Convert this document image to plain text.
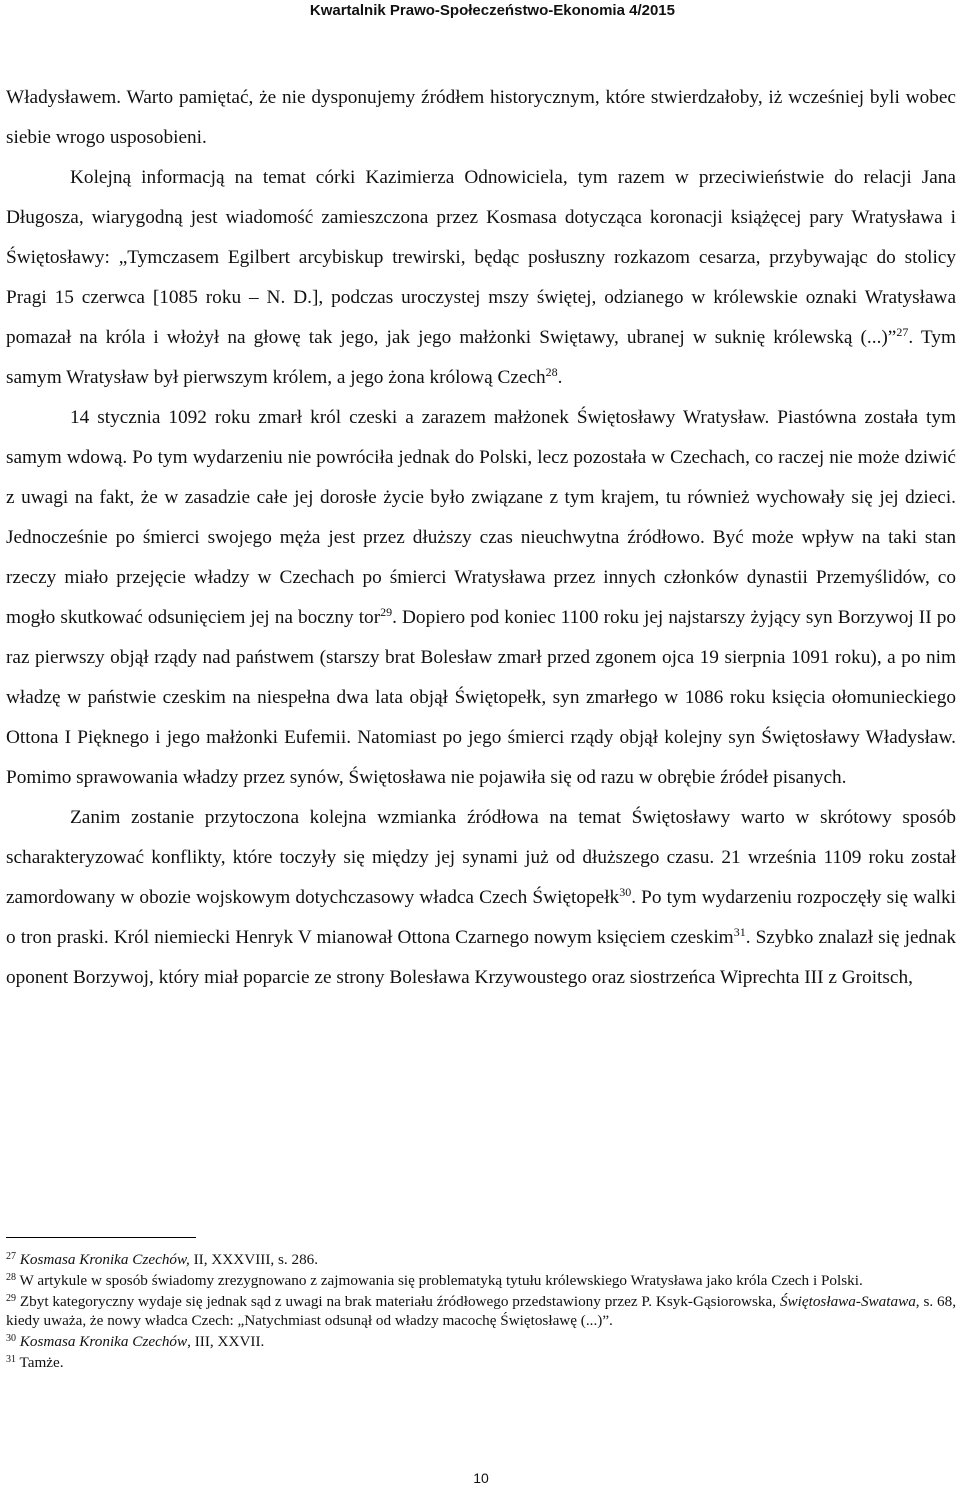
Kwartalnik Prawo-Społeczeństwo-Ekonomia 4/2015

Władysławem. Warto pamiętać, że nie dysponujemy źródłem historycznym, które stwierdzałoby, iż wcześniej byli wobec siebie wrogo usposobieni.

Kolejną informacją na temat córki Kazimierza Odnowiciela, tym razem w przeciwieństwie do relacji Jana Długosza, wiarygodną jest wiadomość zamieszczona przez Kosmasa dotycząca koronacji książęcej pary Wratysława i Świętosławy: „Tymczasem Egilbert arcybiskup trewirski, będąc posłuszny rozkazom cesarza, przybywając do stolicy Pragi 15 czerwca [1085 roku – N. D.], podczas uroczystej mszy świętej, odzianego w królewskie oznaki Wratysława pomazał na króla i włożył na głowę tak jego, jak jego małżonki Swiętawy, ubranej w suknię królewską (...)”$^{27}$. Tym samym Wratysław był pierwszym królem, a jego żona królową Czech$^{28}$.

14 stycznia 1092 roku zmarł król czeski a zarazem małżonek Świętosławy Wratysław. Piastówna została tym samym wdową. Po tym wydarzeniu nie powróciła jednak do Polski, lecz pozostała w Czechach, co raczej nie może dziwić z uwagi na fakt, że w zasadzie całe jej dorosłe życie było związane z tym krajem, tu również wychowały się jej dzieci. Jednocześnie po śmierci swojego męża jest przez dłuższy czas nieuchwytna źródłowo. Być może wpływ na taki stan rzeczy miało przejęcie władzy w Czechach po śmierci Wratysława przez innych członków dynastii Przemyślidów, co mogło skutkować odsunięciem jej na boczny tor$^{29}$. Dopiero pod koniec 1100 roku jej najstarszy żyjący syn Borzywoj II po raz pierwszy objął rządy nad państwem (starszy brat Bolesław zmarł przed zgonem ojca 19 sierpnia 1091 roku), a po nim władzę w państwie czeskim na niespełna dwa lata objął Świętopełk, syn zmarłego w 1086 roku księcia ołomunieckiego Ottona I Pięknego i jego małżonki Eufemii. Natomiast po jego śmierci rządy objął kolejny syn Świętosławy Władysław. Pomimo sprawowania władzy przez synów, Świętosława nie pojawiła się od razu w obrębie źródeł pisanych.

Zanim zostanie przytoczona kolejna wzmianka źródłowa na temat Świętosławy warto w skrótowy sposób scharakteryzować konflikty, które toczyły się między jej synami już od dłuższego czasu. 21 września 1109 roku został zamordowany w obozie wojskowym dotychczasowy władca Czech Świętopełk$^{30}$. Po tym wydarzeniu rozpoczęły się walki o tron praski. Król niemiecki Henryk V mianował Ottona Czarnego nowym księciem czeskim$^{31}$. Szybko znalazł się jednak oponent Borzywoj, który miał poparcie ze strony Bolesława Krzywoustego oraz siostrzeńca Wiprechta III z Groitsch,

$^{27}$ Kosmasa Kronika Czechów, II, XXXVIII, s. 286.

$^{28}$ W artykule w sposób świadomy zrezygnowano z zajmowania się problematyką tytułu królewskiego Wratysława jako króla Czech i Polski.

$^{29}$ Zbyt kategoryczny wydaje się jednak sąd z uwagi na brak materiału źródłowego przedstawiony przez P. Ksyk-Gąsiorowska, Świętosława-Swatawa, s. 68, kiedy uważa, że nowy władca Czech: „Natychmiast odsunął od władzy macochę Świętosławę (...)”.

$^{30}$ Kosmasa Kronika Czechów, III, XXVII.

$^{31}$ Tamże.

10
